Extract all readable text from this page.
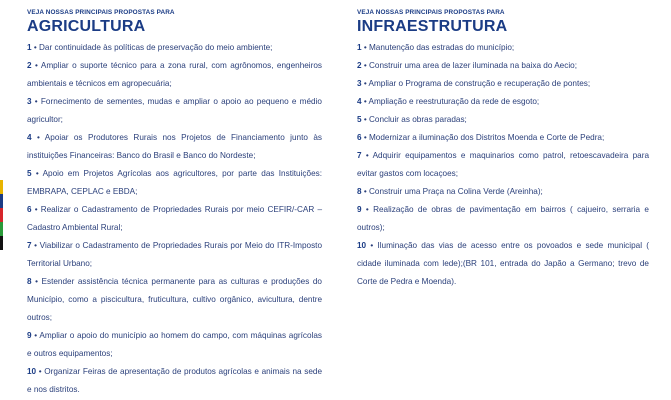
VEJA NOSSAS PRINCIPAIS PROPOSTAS PARA
AGRICULTURA
1 • Dar continuidade às políticas de preservação do meio ambiente;
2 • Ampliar o suporte técnico para a zona rural, com agrônomos, engenheiros ambientais e técnicos em agropecuária;
3 • Fornecimento de sementes, mudas e ampliar o apoio ao pequeno e médio agricultor;
4 • Apoiar os Produtores Rurais nos Projetos de Financiamento junto às instituições Financeiras: Banco do Brasil e Banco do Nordeste;
5 • Apoio em Projetos Agrícolas aos agricultores, por parte das Instituições: EMBRAPA, CEPLAC e EBDA;
6 • Realizar o Cadastramento de Propriedades Rurais por meio CEFIR/-CAR – Cadastro Ambiental Rural;
7 • Viabilizar o Cadastramento de Propriedades Rurais por Meio do ITR-Imposto Territorial Urbano;
8 • Estender assistência técnica permanente para as culturas e produções do Município, como a piscicultura, fruticultura, cultivo orgânico, avicultura, dentre outros;
9 • Ampliar o apoio do município ao homem do campo, com máquinas agrícolas e outros equipamentos;
10 • Organizar Feiras de apresentação de produtos agrícolas e animais na sede e nos distritos.
VEJA NOSSAS PRINCIPAIS PROPOSTAS PARA
INFRAESTRUTURA
1 • Manutenção das estradas do município;
2 • Construir uma area de lazer iluminada na baixa do Aecio;
3 • Ampliar o Programa de construção e recuperação de pontes;
4 • Ampliação e reestruturação da rede de esgoto;
5 • Concluir as obras paradas;
6 • Modernizar a iluminação dos Distritos Moenda e Corte de Pedra;
7 • Adquirir equipamentos e maquinarios como patrol, retoescavadeira para evitar gastos com locaçoes;
8 • Construir uma Praça na Colina Verde (Areinha);
9 • Realização de obras de pavimentação em bairros ( cajueiro, serraria e outros);
10 • Iluminação das vias de acesso entre os povoados e sede municipal ( cidade iluminada com lede);(BR 101, entrada do Japão a Germano; trevo de Corte de Pedra e Moenda).
